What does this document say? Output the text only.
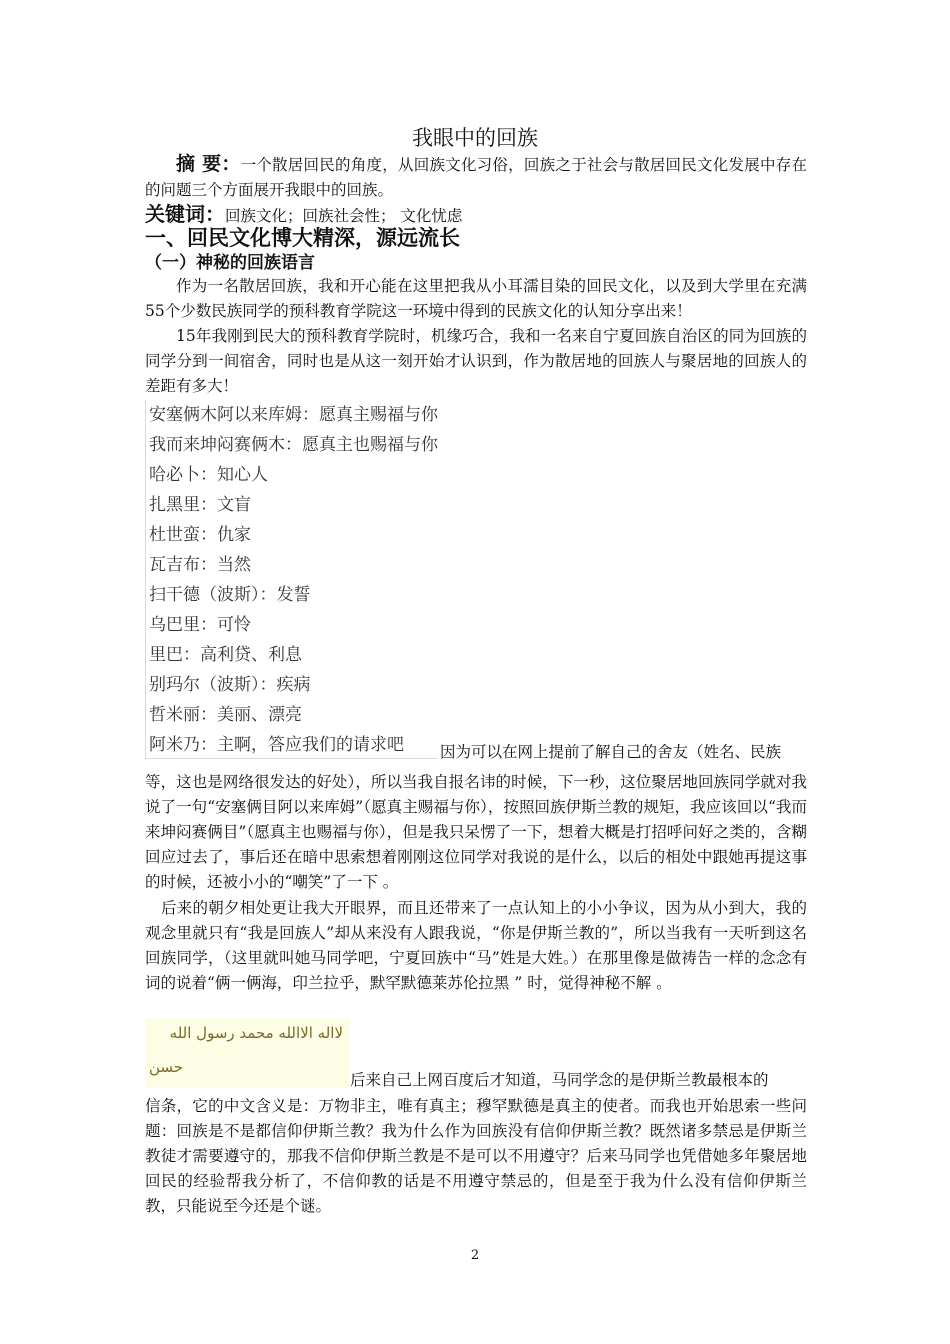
我眼中的回族
摘 要：一个散居回民的角度，从回族文化习俗，回族之于社会与散居回民文化发展中存在的问题三个方面展开我眼中的回族。
关键词：回族文化；回族社会性； 文化忧虑
一、回民文化博大精深，源远流长
（一）神秘的回族语言
作为一名散居回族，我和开心能在这里把我从小耳濡目染的回民文化，以及到大学里在充满55个少数民族同学的预科教育学院这一环境中得到的民族文化的认知分享出来！
15年我刚到民大的预科教育学院时，机缘巧合，我和一名来自宁夏回族自治区的同为回族的同学分到一间宿舍，同时也是从这一刻开始才认识到，作为散居地的回族人与聚居地的回族人的差距有多大！
安塞俩木阿以来库姆：愿真主赐福与你
我而来坤闷赛俩木：愿真主也赐福与你
哈必卜：知心人
扎黑里：文盲
杜世蛮：仇家
瓦吉布：当然
扫干德（波斯）：发誓
乌巴里：可怜
里巴：高利贷、利息
别玛尔（波斯）：疾病
哲米丽：美丽、漂亮
阿米乃：主啊，答应我们的请求吧	因为可以在网上提前了解自己的舍友（姓名、民族
等，这也是网络很发达的好处），所以当我自报名讳的时候，下一秒，这位聚居地回族同学就对我说了一句“安塞俩目阿以来库姆”（愿真主赐福与你），按照回族伊斯兰教的规矩，我应该回以“我而来坤闷赛俩目”（愿真主也赐福与你），但是我只呆愣了一下，想着大概是打招呼问好之类的，含糊回应过去了，事后还在暗中思索想着刚刚这位同学对我说的是什么，以后的相处中跟她再提这事的时候，还被小小的“嘲笑”了一下 。
后来的朝夕相处更让我大开眼界，而且还带来了一点认知上的小小争议，因为从小到大，我的观念里就只有“我是回族人”却从来没有人跟我说，“你是伊斯兰教的”，所以当我有一天听到这名回族同学，（这里就叫她马同学吧，宁夏回族中“马”姓是大姓。）在那里像是做祷告一样的念念有词的说着“俩一俩海，印兰拉乎，默罕默德莱苏伦拉黑 ” 时，觉得神秘不解 。
لااله الاالله محمد رسول الله
حسن
后来自己上网百度后才知道，马同学念的是伊斯兰教最根本的
信条，它的中文含义是：万物非主，唯有真主；穆罕默德是真主的使者。而我也开始思索一些问题：回族是不是都信仰伊斯兰教？我为什么作为回族没有信仰伊斯兰教？既然诸多禁忌是伊斯兰教徒才需要遵守的，那我不信仰伊斯兰教是不是可以不用遵守？后来马同学也凭借她多年聚居地回民的经验帮我分析了，不信仰教的话是不用遵守禁忌的，但是至于我为什么没有信仰伊斯兰教，只能说至今还是个谜。
2
